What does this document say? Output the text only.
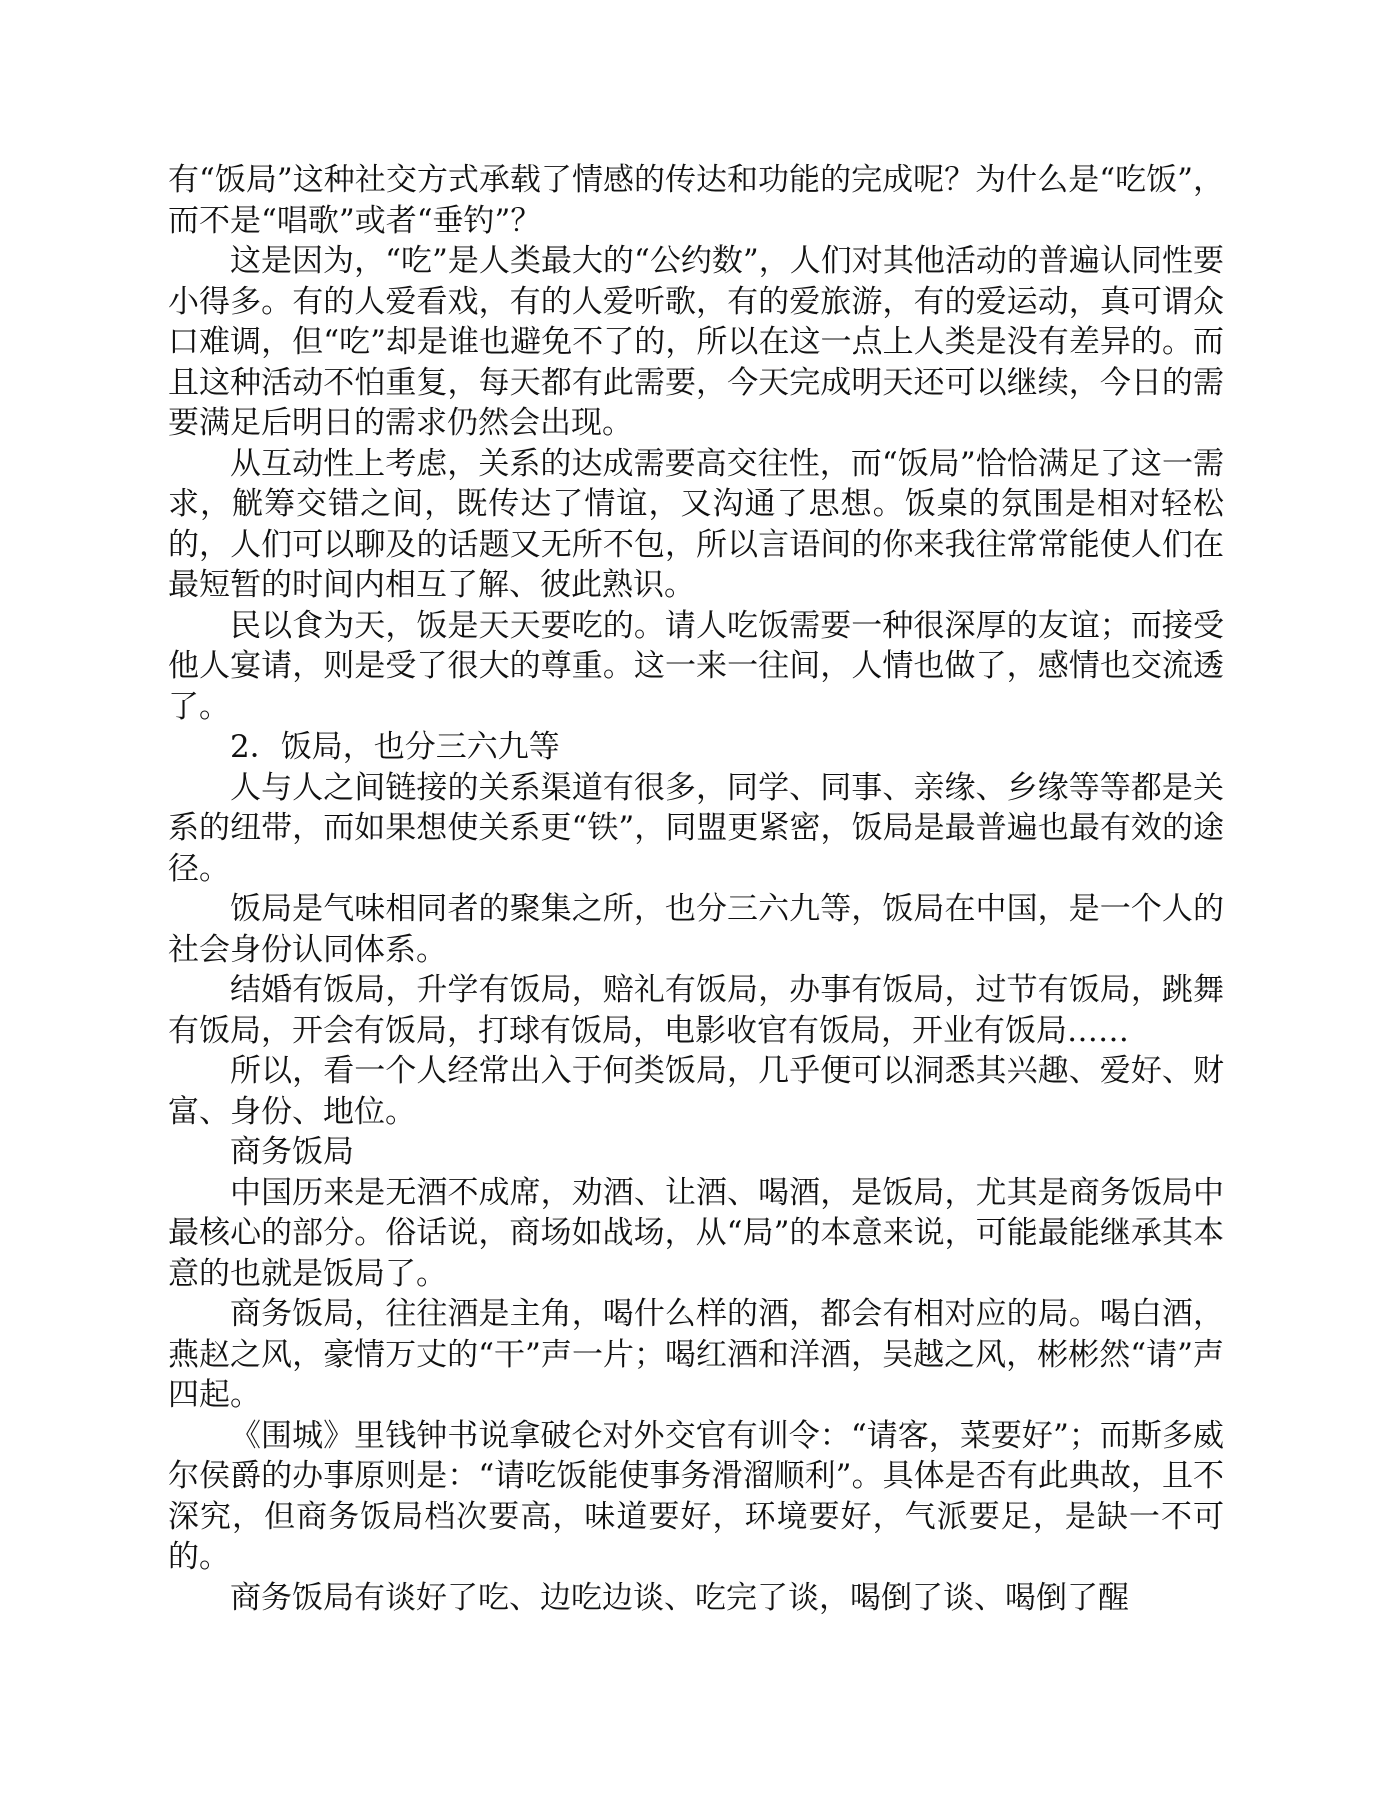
有“饭局”这种社交方式承载了情感的传达和功能的完成呢？为什么是“吃饭”，而不是“唱歌”或者“垂钓”？

这是因为，“吃”是人类最大的“公约数”，人们对其他活动的普遍认同性要小得多。有的人爱看戏，有的人爱听歌，有的爱旅游，有的爱运动，真可谓众口难调，但“吃”却是谁也避免不了的，所以在这一点上人类是没有差异的。而且这种活动不怕重复，每天都有此需要，今天完成明天还可以继续，今日的需要满足后明日的需求仍然会出现。

从互动性上考虑，关系的达成需要高交往性，而“饭局”恰恰满足了这一需求，觥筹交错之间，既传达了情谊，又沟通了思想。饭桌的氛围是相对轻松的，人们可以聊及的话题又无所不包，所以言语间的你来我往常常能使人们在最短暂的时间内相互了解、彼此熟识。

民以食为天，饭是天天要吃的。请人吃饭需要一种很深厚的友谊；而接受他人宴请，则是受了很大的尊重。这一来一往间，人情也做了，感情也交流透了。

2．饭局，也分三六九等

人与人之间链接的关系渠道有很多，同学、同事、亲缘、乡缘等等都是关系的纽带，而如果想使关系更“铁”，同盟更紧密，饭局是最普遍也最有效的途径。

饭局是气味相同者的聚集之所，也分三六九等，饭局在中国，是一个人的社会身份认同体系。

结婚有饭局，升学有饭局，赔礼有饭局，办事有饭局，过节有饭局，跳舞有饭局，开会有饭局，打球有饭局，电影收官有饭局，开业有饭局……

所以，看一个人经常出入于何类饭局，几乎便可以洞悉其兴趣、爱好、财富、身份、地位。

商务饭局

中国历来是无酒不成席，劝酒、让酒、喝酒，是饭局，尤其是商务饭局中最核心的部分。俗话说，商场如战场，从“局”的本意来说，可能最能继承其本意的也就是饭局了。

商务饭局，往往酒是主角，喝什么样的酒，都会有相对应的局。喝白酒，燕赵之风，豪情万丈的“干”声一片；喝红酒和洋酒，吴越之风，彬彬然“请”声四起。

《围城》里钱钟书说拿破仑对外交官有训令：“请客，菜要好”；而斯多威尔侯爵的办事原则是：“请吃饭能使事务滑溜顺利”。具体是否有此典故，且不深究，但商务饭局档次要高，味道要好，环境要好，气派要足，是缺一不可的。

商务饭局有谈好了吃、边吃边谈、吃完了谈，喝倒了谈、喝倒了醒
